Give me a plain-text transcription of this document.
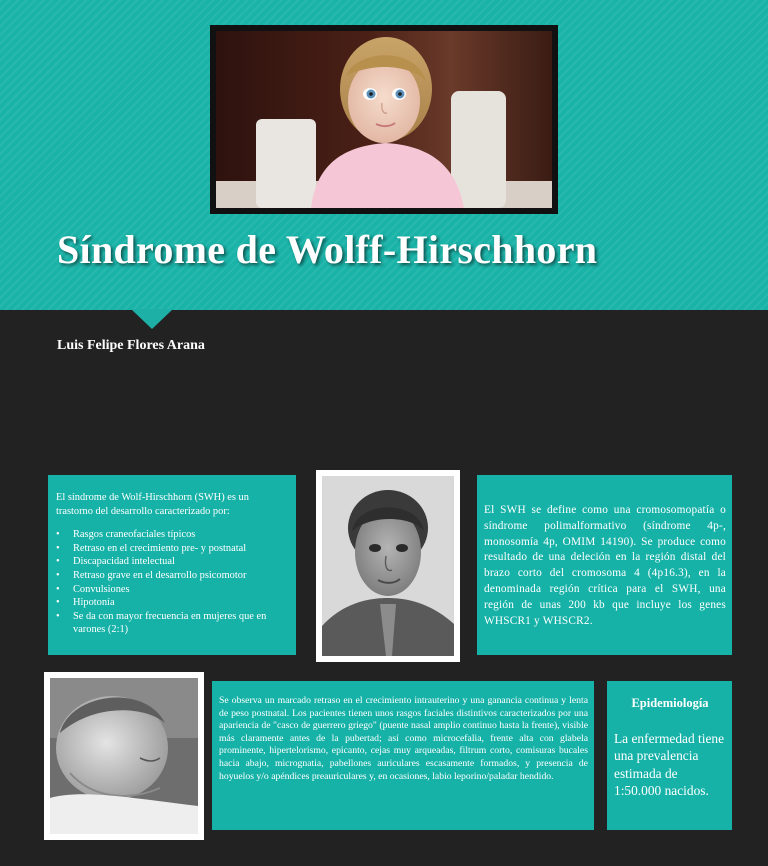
Síndrome de Wolff-Hirschhorn
Luis Felipe Flores Arana
El síndrome de Wolf-Hirschhorn (SWH) es un trastorno del desarrollo caracterizado por:
• Rasgos craneofaciales típicos
• Retraso en el crecimiento pre- y postnatal
• Discapacidad intelectual
• Retraso grave en el desarrollo psicomotor
• Convulsiones
• Hipotonía
• Se da con mayor frecuencia en mujeres que en varones (2:1)
El SWH se define como una cromosomopatía o síndrome polimalformativo (síndrome 4p-, monosomía 4p, OMIM 14190). Se produce como resultado de una deleción en la región distal del brazo corto del cromosoma 4 (4p16.3), en la denominada región crítica para el SWH, una región de unas 200 kb que incluye los genes WHSCR1 y WHSCR2.
Se observa un marcado retraso en el crecimiento intrauterino y una ganancia continua y lenta de peso postnatal. Los pacientes tienen unos rasgos faciales distintivos caracterizados por una apariencia de "casco de guerrero griego" (puente nasal amplio continuo hasta la frente), visible más claramente antes de la pubertad; así como microcefalia, frente alta con glabela prominente, hipertelorismo, epicanto, cejas muy arqueadas, filtrum corto, comisuras bucales hacia abajo, micrognatia, pabellones auriculares escasamente formados, y presencia de hoyuelos y/o apéndices preauriculares y, en ocasiones, labio leporino/paladar hendido.
Epidemiología
La enfermedad tiene una prevalencia estimada de 1:50.000 nacidos.
